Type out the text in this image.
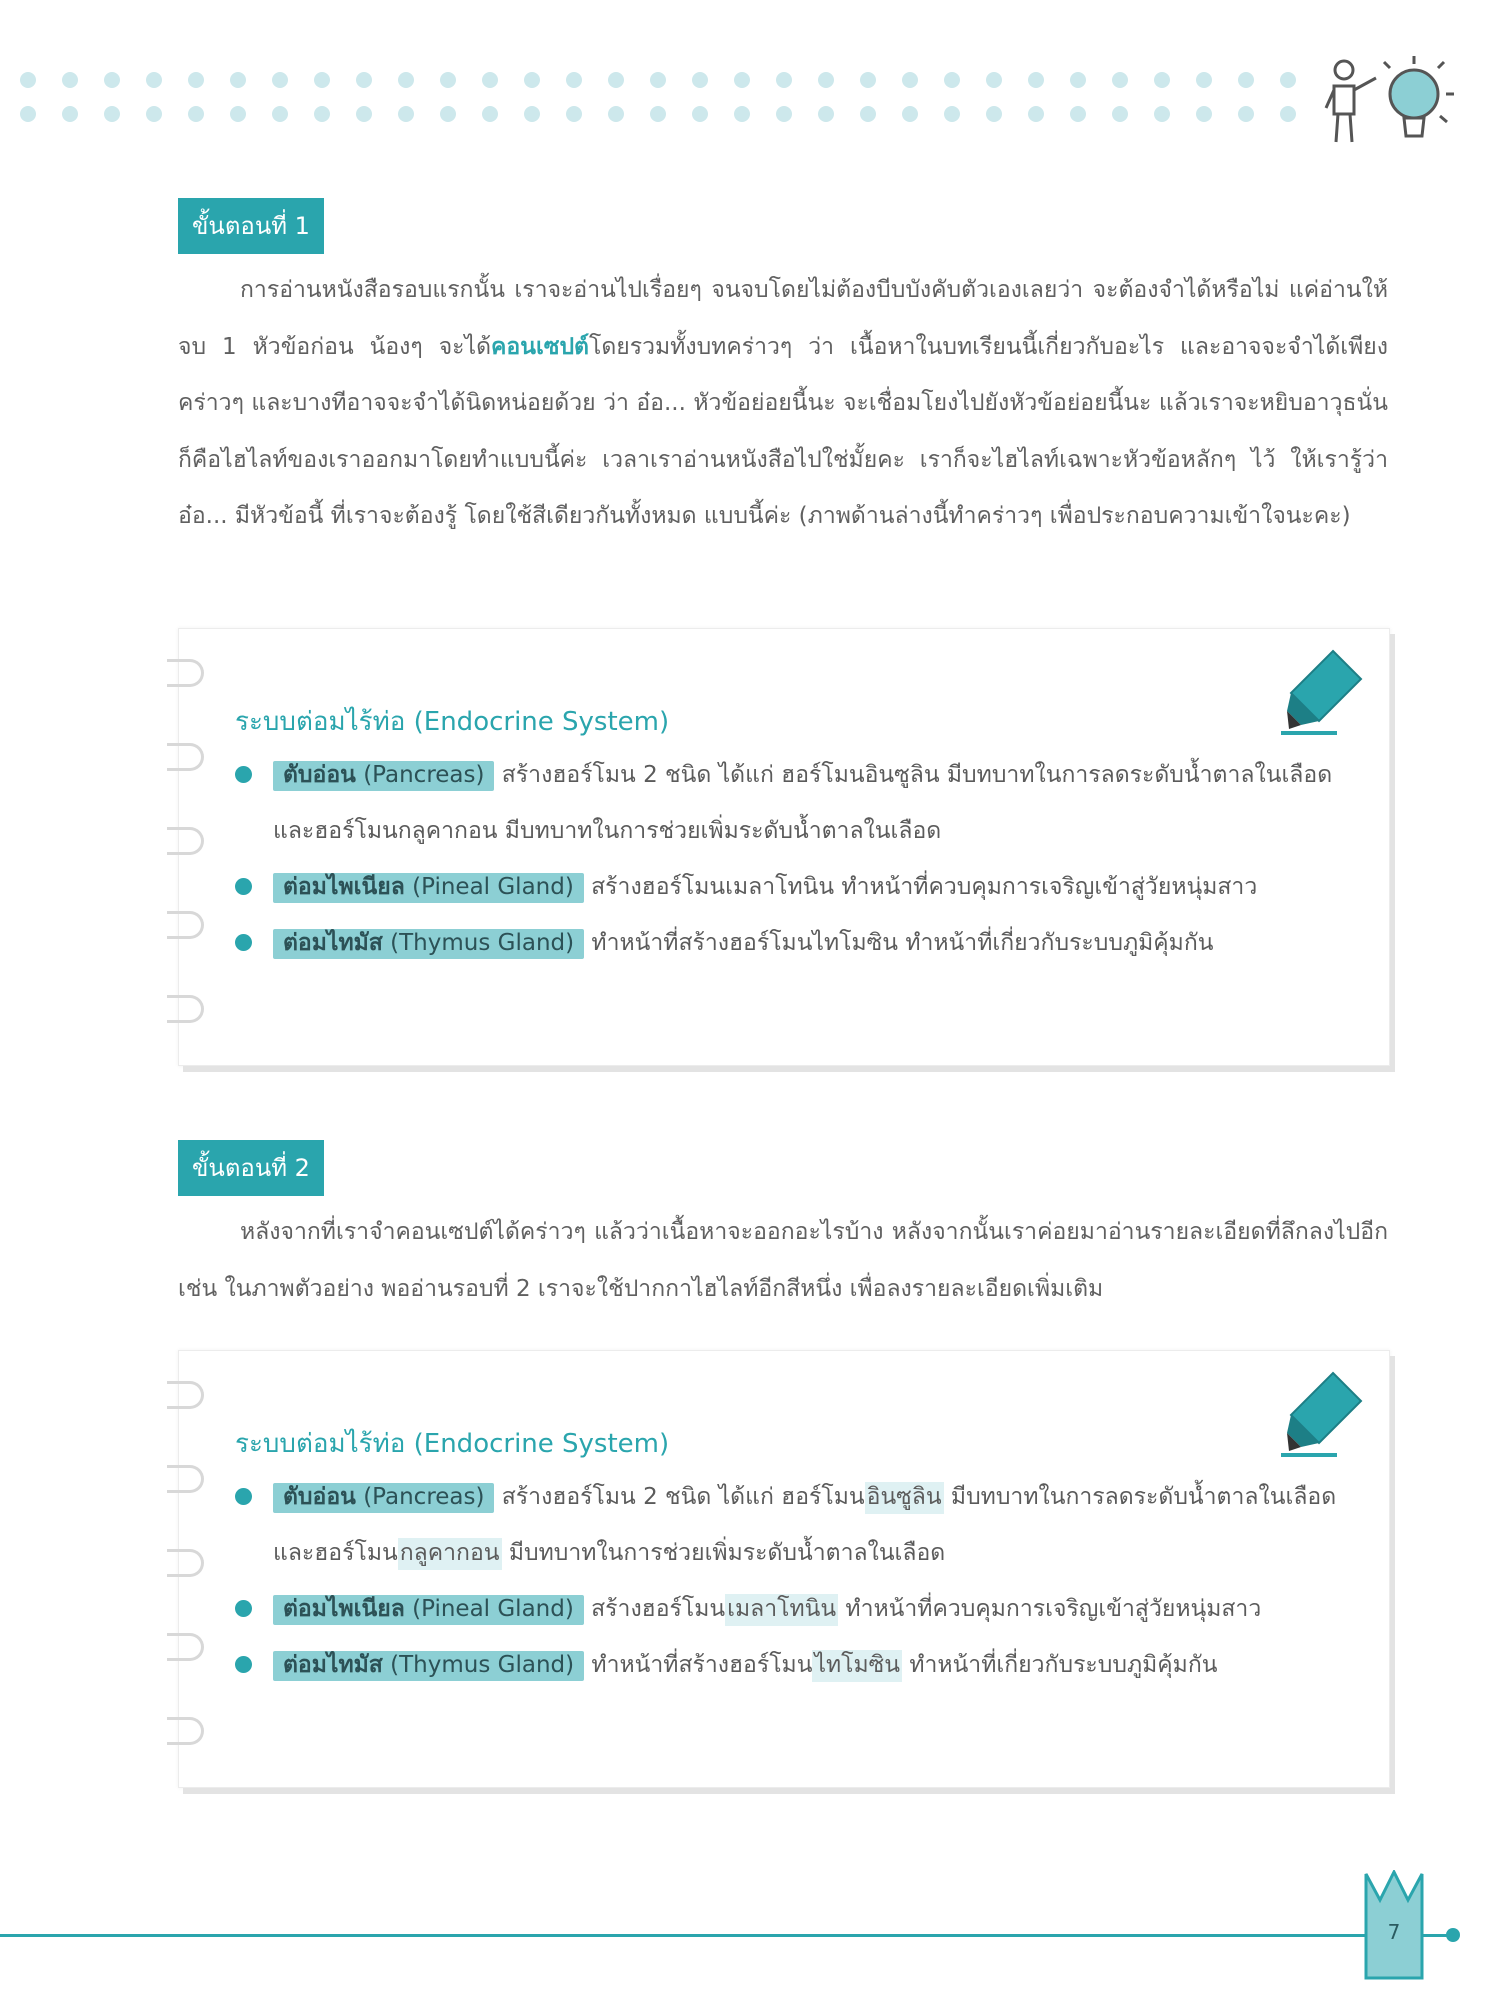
ขั้นตอนที่ 1

การอ่านหนังสือรอบแรกนั้น เราจะอ่านไปเรื่อยๆ จนจบโดยไม่ต้องบีบบังคับตัวเองเลยว่า จะต้องจำได้หรือไม่ แค่อ่านให้จบ 1 หัวข้อก่อน น้องๆ จะได้คอนเซปต์โดยรวมทั้งบทคร่าวๆ ว่า เนื้อหาในบทเรียนนี้เกี่ยวกับอะไร และอาจจะจำได้เพียงคร่าวๆ และบางทีอาจจะจำได้นิดหน่อยด้วย ว่า อ๋อ... หัวข้อย่อยนี้นะ จะเชื่อมโยงไปยังหัวข้อย่อยนี้นะ แล้วเราจะหยิบอาวุธนั่นก็คือไฮไลท์ของเราออกมาโดยทำแบบนี้ค่ะ เวลาเราอ่านหนังสือไปใช่มั้ยคะ เราก็จะไฮไลท์เฉพาะหัวข้อหลักๆ ไว้ ให้เรารู้ว่า อ๋อ... มีหัวข้อนี้ ที่เราจะต้องรู้ โดยใช้สีเดียวกันทั้งหมด แบบนี้ค่ะ (ภาพด้านล่างนี้ทำคร่าวๆ เพื่อประกอบความเข้าใจนะคะ)

ระบบต่อมไร้ท่อ (Endocrine System)
ตับอ่อน (Pancreas) สร้างฮอร์โมน 2 ชนิด ได้แก่ ฮอร์โมนอินซูลิน มีบทบาทในการลดระดับน้ำตาลในเลือด และฮอร์โมนกลูคากอน มีบทบาทในการช่วยเพิ่มระดับน้ำตาลในเลือด
ต่อมไพเนียล (Pineal Gland) สร้างฮอร์โมนเมลาโทนิน ทำหน้าที่ควบคุมการเจริญเข้าสู่วัยหนุ่มสาว
ต่อมไทมัส (Thymus Gland) ทำหน้าที่สร้างฮอร์โมนไทโมซิน ทำหน้าที่เกี่ยวกับระบบภูมิคุ้มกัน
ขั้นตอนที่ 2

หลังจากที่เราจำคอนเซปต์ได้คร่าวๆ แล้วว่าเนื้อหาจะออกอะไรบ้าง หลังจากนั้นเราค่อยมาอ่านรายละเอียดที่ลึกลงไปอีก เช่น ในภาพตัวอย่าง พออ่านรอบที่ 2 เราจะใช้ปากกาไฮไลท์อีกสีหนึ่ง เพื่อลงรายละเอียดเพิ่มเติม

ระบบต่อมไร้ท่อ (Endocrine System)
ตับอ่อน (Pancreas) สร้างฮอร์โมน 2 ชนิด ได้แก่ ฮอร์โมนอินซูลิน มีบทบาทในการลดระดับน้ำตาลในเลือด และฮอร์โมนกลูคากอน มีบทบาทในการช่วยเพิ่มระดับน้ำตาลในเลือด
ต่อมไพเนียล (Pineal Gland) สร้างฮอร์โมนเมลาโทนิน ทำหน้าที่ควบคุมการเจริญเข้าสู่วัยหนุ่มสาว
ต่อมไทมัส (Thymus Gland) ทำหน้าที่สร้างฮอร์โมนไทโมซิน ทำหน้าที่เกี่ยวกับระบบภูมิคุ้มกัน
7
